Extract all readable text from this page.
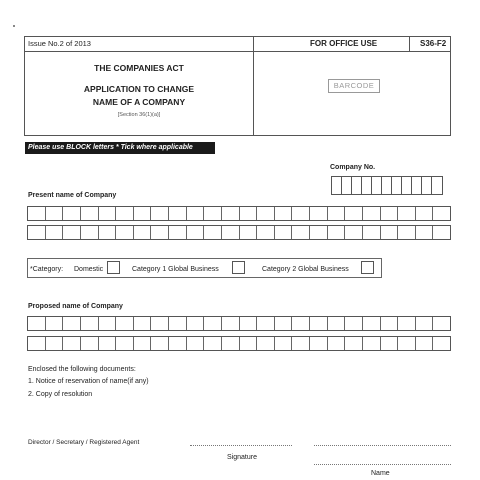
Issue No.2 of 2013	FOR OFFICE USE	S36-F2
THE COMPANIES ACT
APPLICATION TO CHANGE
NAME OF A COMPANY
[Section 36(1)(a)]
BARCODE
Please use BLOCK letters * Tick where applicable
Company No.
Present name of Company
*Category: Domestic	Category 1 Global Business	Category 2 Global Business
Proposed name of Company
Enclosed the following documents:
1. Notice of reservation of name(if any)
2. Copy of resolution
Director / Secretary / Registered Agent
Signature
Name
